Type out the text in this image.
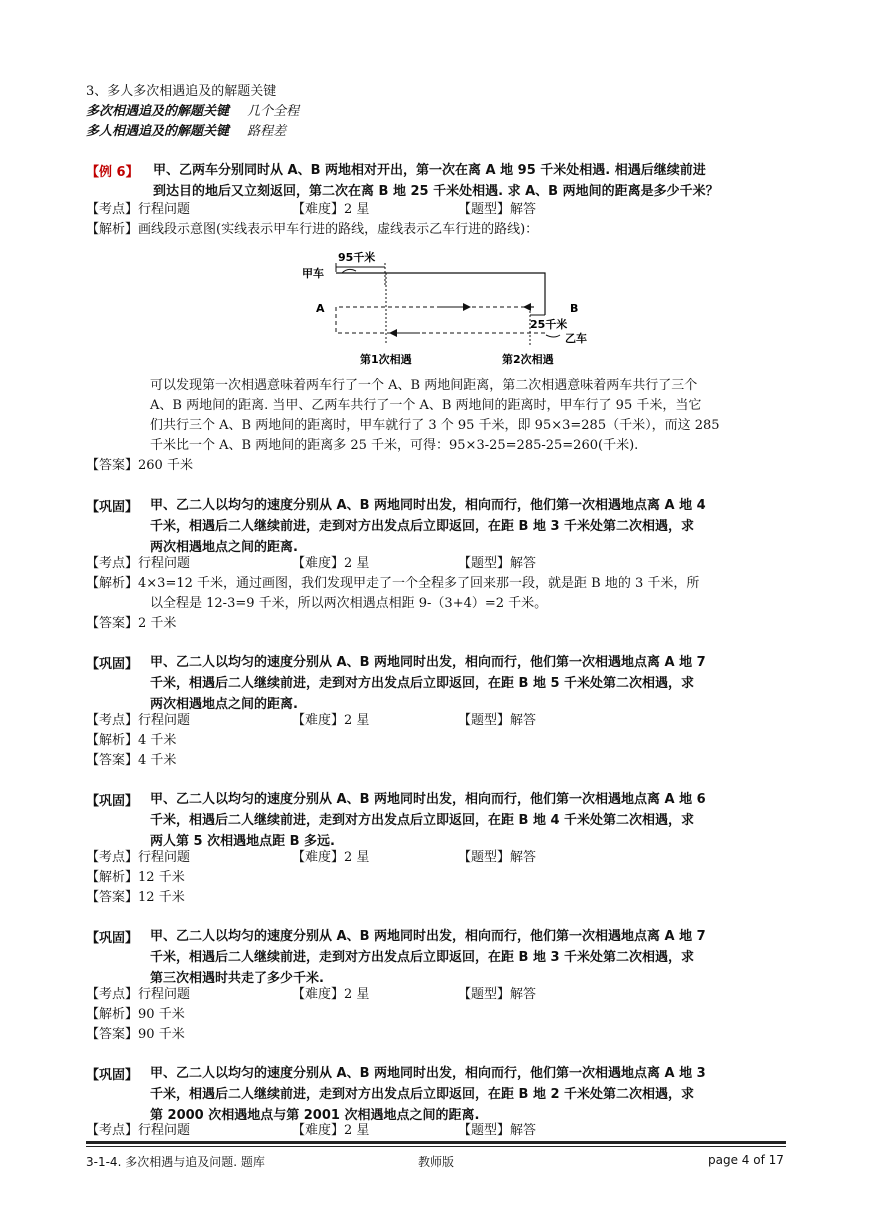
3、多人多次相遇追及的解题关键
多次相遇追及的解题关键 几个全程
多人相遇追及的解题关键 路程差
【例 6】 甲、乙两车分别同时从 A、B 两地相对开出，第一次在离 A 地 95 千米处相遇. 相遇后继续前进
到达目的地后又立刻返回，第二次在离 B 地 25 千米处相遇. 求 A、B 两地间的距离是多少千米？
【考点】行程问题	【难度】2 星	【题型】解答
【解析】画线段示意图(实线表示甲车行进的路线，虚线表示乙车行进的路线)：
95千米
甲车
A	B
25千米
乙车
第1次相遇	第2次相遇
可以发现第一次相遇意味着两车行了一个 A、B 两地间距离，第二次相遇意味着两车共行了三个
A、B 两地间的距离. 当甲、乙两车共行了一个 A、B 两地间的距离时，甲车行了 95 千米，当它
们共行三个 A、B 两地间的距离时，甲车就行了 3 个 95 千米，即 95×3=285（千米），而这 285
千米比一个 A、B 两地间的距离多 25 千米，可得：95×3-25=285-25=260(千米).
【答案】260 千米
【巩固】 甲、乙二人以均匀的速度分别从 A、B 两地同时出发，相向而行，他们第一次相遇地点离 A 地 4
千米，相遇后二人继续前进，走到对方出发点后立即返回，在距 B 地 3 千米处第二次相遇，求
两次相遇地点之间的距离.
【考点】行程问题	【难度】2 星	【题型】解答
【解析】4×3=12 千米，通过画图，我们发现甲走了一个全程多了回来那一段，就是距 B 地的 3 千米，所
以全程是 12-3=9 千米，所以两次相遇点相距 9-（3+4）=2 千米。
【答案】2 千米
【巩固】 甲、乙二人以均匀的速度分别从 A、B 两地同时出发，相向而行，他们第一次相遇地点离 A 地 7
千米，相遇后二人继续前进，走到对方出发点后立即返回，在距 B 地 5 千米处第二次相遇，求
两次相遇地点之间的距离.
【考点】行程问题	【难度】2 星	【题型】解答
【解析】4 千米
【答案】4 千米
【巩固】 甲、乙二人以均匀的速度分别从 A、B 两地同时出发，相向而行，他们第一次相遇地点离 A 地 6
千米，相遇后二人继续前进，走到对方出发点后立即返回，在距 B 地 4 千米处第二次相遇，求
两人第 5 次相遇地点距 B 多远.
【考点】行程问题	【难度】2 星	【题型】解答
【解析】12 千米
【答案】12 千米
【巩固】 甲、乙二人以均匀的速度分别从 A、B 两地同时出发，相向而行，他们第一次相遇地点离 A 地 7
千米，相遇后二人继续前进，走到对方出发点后立即返回，在距 B 地 3 千米处第二次相遇，求
第三次相遇时共走了多少千米.
【考点】行程问题	【难度】2 星	【题型】解答
【解析】90 千米
【答案】90 千米
【巩固】 甲、乙二人以均匀的速度分别从 A、B 两地同时出发，相向而行，他们第一次相遇地点离 A 地 3
千米，相遇后二人继续前进，走到对方出发点后立即返回，在距 B 地 2 千米处第二次相遇，求
第 2000 次相遇地点与第 2001 次相遇地点之间的距离.
【考点】行程问题	【难度】2 星	【题型】解答
3-1-4. 多次相遇与追及问题. 题库	教师版	page 4 of 17
